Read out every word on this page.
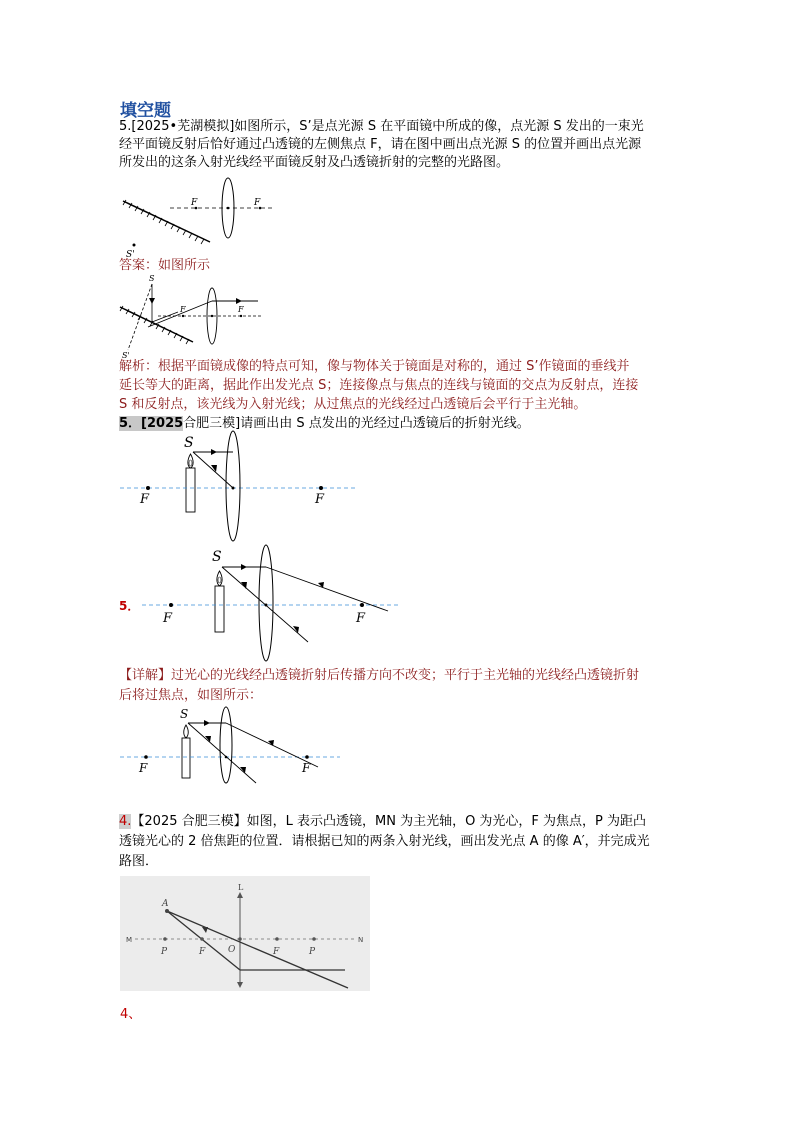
填空题
5.[2025•芜湖模拟]如图所示，S’是点光源 S 在平面镜中所成的像，点光源 S 发出的一束光
经平面镜反射后恰好通过凸透镜的左侧焦点 F，请在图中画出点光源 S 的位置并画出点光源
所发出的这条入射光线经平面镜反射及凸透镜折射的完整的光路图。
F	F
S'
答案：如图所示
S
F	F
S'
解析：根据平面镜成像的特点可知，像与物体关于镜面是对称的，通过 S’作镜面的垂线并
延长等大的距离，据此作出发光点 S；连接像点与焦点的连线与镜面的交点为反射点，连接
S 和反射点，该光线为入射光线；从过焦点的光线经过凸透镜后会平行于主光轴。
5．[2025合肥三模]请画出由 S 点发出的光经过凸透镜后的折射光线。
S
F	F
5．
S
F	F
【详解】过光心的光线经凸透镜折射后传播方向不改变；平行于主光轴的光线经凸透镜折射
后将过焦点，如图所示：
S
F	F
4.【2025 合肥三模】如图，L 表示凸透镜，MN 为主光轴，O 为光心，F 为焦点，P 为距凸
透镜光心的 2 倍焦距的位置．请根据已知的两条入射光线，画出发光点 A 的像 A′，并完成光
路图．
A
L
M	N
P	F	O	F	P
4、
